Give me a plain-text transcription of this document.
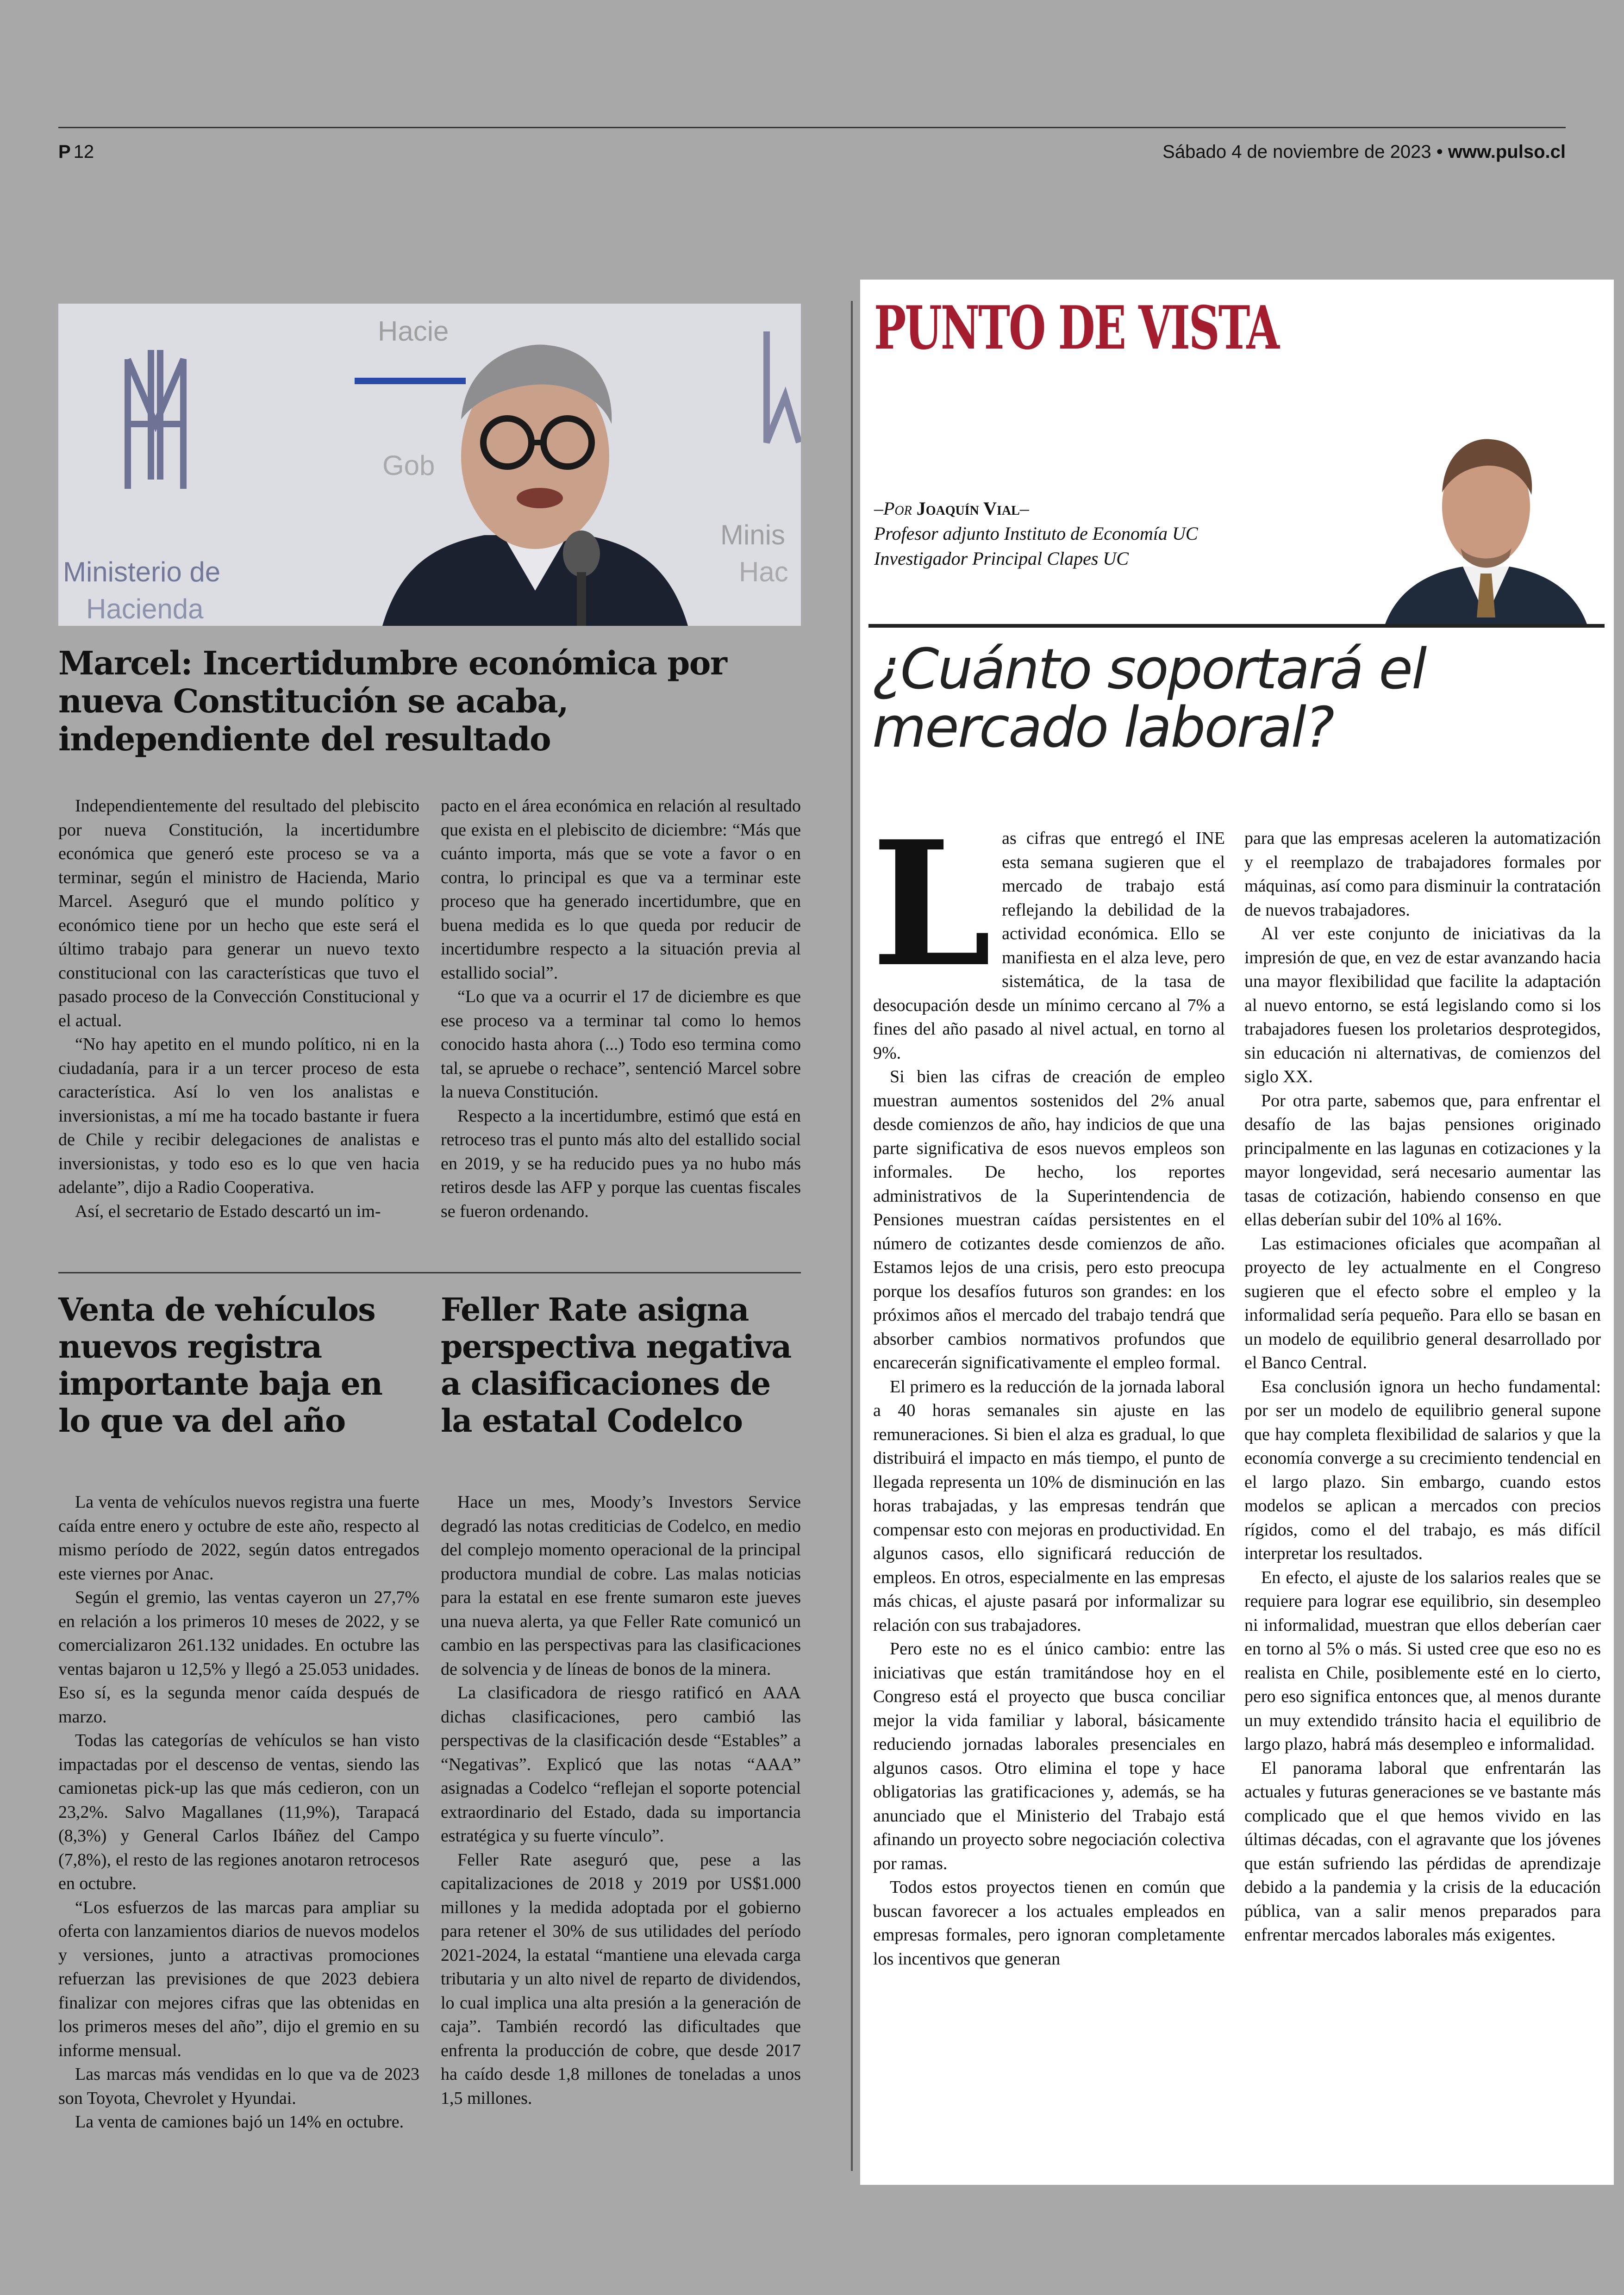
P 12	Sábado 4 de noviembre de 2023 • www.pulso.cl
Ministerio de
Hacienda
Hacie
Gob
Minis
Hac
Marcel: Incertidumbre económica por nueva Constitución se acaba, independiente del resultado

Independientemente del resultado del plebiscito por nueva Constitución, la incertidumbre económica que generó este proceso se va a terminar, según el ministro de Hacienda, Mario Marcel. Aseguró que el mundo político y económico tiene por un hecho que este será el último trabajo para generar un nuevo texto constitucional con las características que tuvo el pasado proceso de la Convección Constitucional y el actual.

“No hay apetito en el mundo político, ni en la ciudadanía, para ir a un tercer proceso de esta característica. Así lo ven los analistas e inversionistas, a mí me ha tocado bastante ir fuera de Chile y recibir delegaciones de analistas e inversionistas, y todo eso es lo que ven hacia adelante”, dijo a Radio Cooperativa.

Así, el secretario de Estado descartó un im-

pacto en el área económica en relación al resultado que exista en el plebiscito de diciembre: “Más que cuánto importa, más que se vote a favor o en contra, lo principal es que va a terminar este proceso que ha generado incertidumbre, que en buena medida es lo que queda por reducir de incertidumbre respecto a la situación previa al estallido social”.

“Lo que va a ocurrir el 17 de diciembre es que ese proceso va a terminar tal como lo hemos conocido hasta ahora (...) Todo eso termina como tal, se apruebe o rechace”, sentenció Marcel sobre la nueva Constitución.

Respecto a la incertidumbre, estimó que está en retroceso tras el punto más alto del estallido social en 2019, y se ha reducido pues ya no hubo más retiros desde las AFP y porque las cuentas fiscales se fueron ordenando.

Venta de vehículos nuevos registra importante baja en lo que va del año

La venta de vehículos nuevos registra una fuerte caída entre enero y octubre de este año, respecto al mismo período de 2022, según datos entregados este viernes por Anac.

Según el gremio, las ventas cayeron un 27,7% en relación a los primeros 10 meses de 2022, y se comercializaron 261.132 unidades. En octubre las ventas bajaron u 12,5% y llegó a 25.053 unidades. Eso sí, es la segunda menor caída después de marzo.

Todas las categorías de vehículos se han visto impactadas por el descenso de ventas, siendo las camionetas pick-up las que más cedieron, con un 23,2%. Salvo Magallanes (11,9%), Tarapacá (8,3%) y General Carlos Ibáñez del Campo (7,8%), el resto de las regiones anotaron retrocesos en octubre.

“Los esfuerzos de las marcas para ampliar su oferta con lanzamientos diarios de nuevos modelos y versiones, junto a atractivas promociones refuerzan las previsiones de que 2023 debiera finalizar con mejores cifras que las obtenidas en los primeros meses del año”, dijo el gremio en su informe mensual.

Las marcas más vendidas en lo que va de 2023 son Toyota, Chevrolet y Hyundai.

La venta de camiones bajó un 14% en octubre.

Feller Rate asigna perspectiva negativa a clasificaciones de la estatal Codelco

Hace un mes, Moody’s Investors Service degradó las notas crediticias de Codelco, en medio del complejo momento operacional de la principal productora mundial de cobre. Las malas noticias para la estatal en ese frente sumaron este jueves una nueva alerta, ya que Feller Rate comunicó un cambio en las perspectivas para las clasificaciones de solvencia y de líneas de bonos de la minera.

La clasificadora de riesgo ratificó en AAA dichas clasificaciones, pero cambió las perspectivas de la clasificación desde “Estables” a “Negativas”. Explicó que las notas “AAA” asignadas a Codelco “reflejan el soporte potencial extraordinario del Estado, dada su importancia estratégica y su fuerte vínculo”.

Feller Rate aseguró que, pese a las capitalizaciones de 2018 y 2019 por US$1.000 millones y la medida adoptada por el gobierno para retener el 30% de sus utilidades del período 2021-2024, la estatal “mantiene una elevada carga tributaria y un alto nivel de reparto de dividendos, lo cual implica una alta presión a la generación de caja”. También recordó las dificultades que enfrenta la producción de cobre, que desde 2017 ha caído desde 1,8 millones de toneladas a unos 1,5 millones.

PUNTO DE VISTA
–Por Joaquín Vial–
Profesor adjunto Instituto de Economía UC
Investigador Principal Clapes UC
¿Cuánto soportará el mercado laboral?

Las cifras que entregó el INE esta semana sugieren que el mercado de trabajo está reflejando la debilidad de la actividad económica. Ello se manifiesta en el alza leve, pero sistemática, de la tasa de desocupación desde un mínimo cercano al 7% a fines del año pasado al nivel actual, en torno al 9%.

Si bien las cifras de creación de empleo muestran aumentos sostenidos del 2% anual desde comienzos de año, hay indicios de que una parte significativa de esos nuevos empleos son informales. De hecho, los reportes administrativos de la Superintendencia de Pensiones muestran caídas persistentes en el número de cotizantes desde comienzos de año. Estamos lejos de una crisis, pero esto preocupa porque los desafíos futuros son grandes: en los próximos años el mercado del trabajo tendrá que absorber cambios normativos profundos que encarecerán significativamente el empleo formal.

El primero es la reducción de la jornada laboral a 40 horas semanales sin ajuste en las remuneraciones. Si bien el alza es gradual, lo que distribuirá el impacto en más tiempo, el punto de llegada representa un 10% de disminución en las horas trabajadas, y las empresas tendrán que compensar esto con mejoras en productividad. En algunos casos, ello significará reducción de empleos. En otros, especialmente en las empresas más chicas, el ajuste pasará por informalizar su relación con sus trabajadores.

Pero este no es el único cambio: entre las iniciativas que están tramitándose hoy en el Congreso está el proyecto que busca conciliar mejor la vida familiar y laboral, básicamente reduciendo jornadas laborales presenciales en algunos casos. Otro elimina el tope y hace obligatorias las gratificaciones y, además, se ha anunciado que el Ministerio del Trabajo está afinando un proyecto sobre negociación colectiva por ramas.

Todos estos proyectos tienen en común que buscan favorecer a los actuales empleados en empresas formales, pero ignoran completamente los incentivos que generan

para que las empresas aceleren la automatización y el reemplazo de trabajadores formales por máquinas, así como para disminuir la contratación de nuevos trabajadores.

Al ver este conjunto de iniciativas da la impresión de que, en vez de estar avanzando hacia una mayor flexibilidad que facilite la adaptación al nuevo entorno, se está legislando como si los trabajadores fuesen los proletarios desprotegidos, sin educación ni alternativas, de comienzos del siglo XX.

Por otra parte, sabemos que, para enfrentar el desafío de las bajas pensiones originado principalmente en las lagunas en cotizaciones y la mayor longevidad, será necesario aumentar las tasas de cotización, habiendo consenso en que ellas deberían subir del 10% al 16%.

Las estimaciones oficiales que acompañan al proyecto de ley actualmente en el Congreso sugieren que el efecto sobre el empleo y la informalidad sería pequeño. Para ello se basan en un modelo de equilibrio general desarrollado por el Banco Central.

Esa conclusión ignora un hecho fundamental: por ser un modelo de equilibrio general supone que hay completa flexibilidad de salarios y que la economía converge a su crecimiento tendencial en el largo plazo. Sin embargo, cuando estos modelos se aplican a mercados con precios rígidos, como el del trabajo, es más difícil interpretar los resultados.

En efecto, el ajuste de los salarios reales que se requiere para lograr ese equilibrio, sin desempleo ni informalidad, muestran que ellos deberían caer en torno al 5% o más. Si usted cree que eso no es realista en Chile, posiblemente esté en lo cierto, pero eso significa entonces que, al menos durante un muy extendido tránsito hacia el equilibrio de largo plazo, habrá más desempleo e informalidad.

El panorama laboral que enfrentarán las actuales y futuras generaciones se ve bastante más complicado que el que hemos vivido en las últimas décadas, con el agravante que los jóvenes que están sufriendo las pérdidas de aprendizaje debido a la pandemia y la crisis de la educación pública, van a salir menos preparados para enfrentar mercados laborales más exigentes.
